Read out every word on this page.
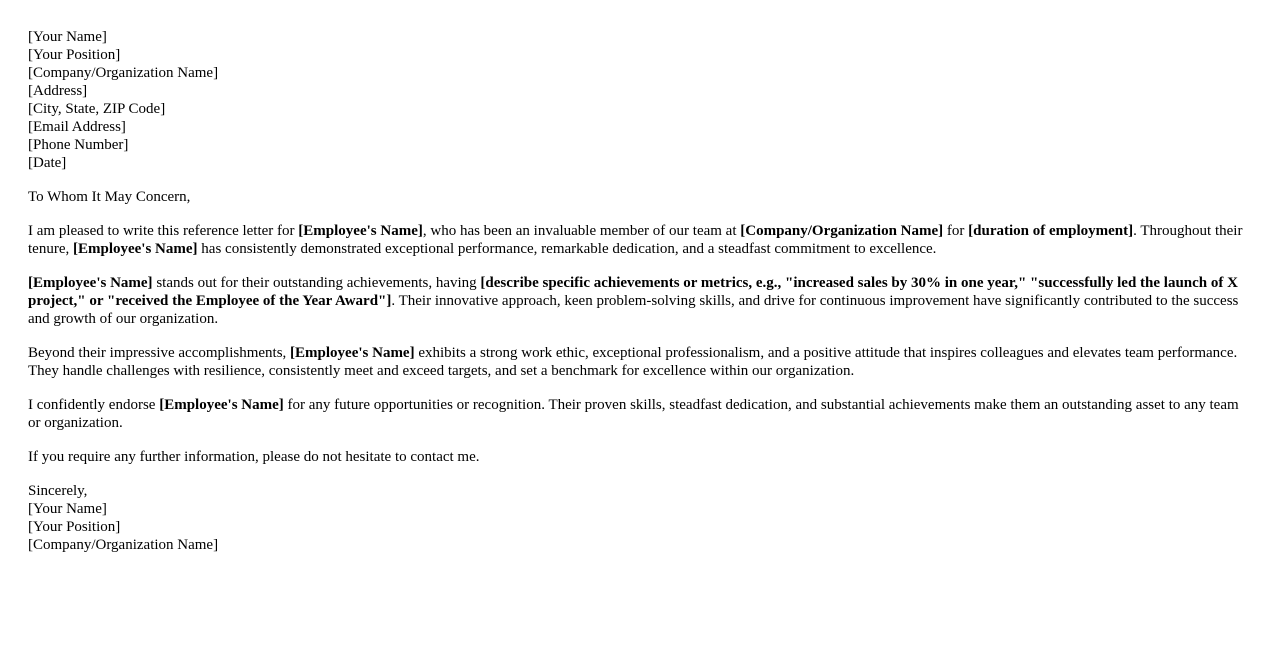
[Your Name]
[Your Position]
[Company/Organization Name]
[Address]
[City, State, ZIP Code]
[Email Address]
[Phone Number]
[Date]

To Whom It May Concern,

I am pleased to write this reference letter for [Employee's Name], who has been an invaluable member of our team at [Company/Organization Name] for [duration of employment]. Throughout their tenure, [Employee's Name] has consistently demonstrated exceptional performance, remarkable dedication, and a steadfast commitment to excellence.

[Employee's Name] stands out for their outstanding achievements, having [describe specific achievements or metrics, e.g., "increased sales by 30% in one year," "successfully led the launch of X project," or "received the Employee of the Year Award"]. Their innovative approach, keen problem-solving skills, and drive for continuous improvement have significantly contributed to the success and growth of our organization.

Beyond their impressive accomplishments, [Employee's Name] exhibits a strong work ethic, exceptional professionalism, and a positive attitude that inspires colleagues and elevates team performance. They handle challenges with resilience, consistently meet and exceed targets, and set a benchmark for excellence within our organization.

I confidently endorse [Employee's Name] for any future opportunities or recognition. Their proven skills, steadfast dedication, and substantial achievements make them an outstanding asset to any team or organization.

If you require any further information, please do not hesitate to contact me.

Sincerely,
[Your Name]
[Your Position]
[Company/Organization Name]
